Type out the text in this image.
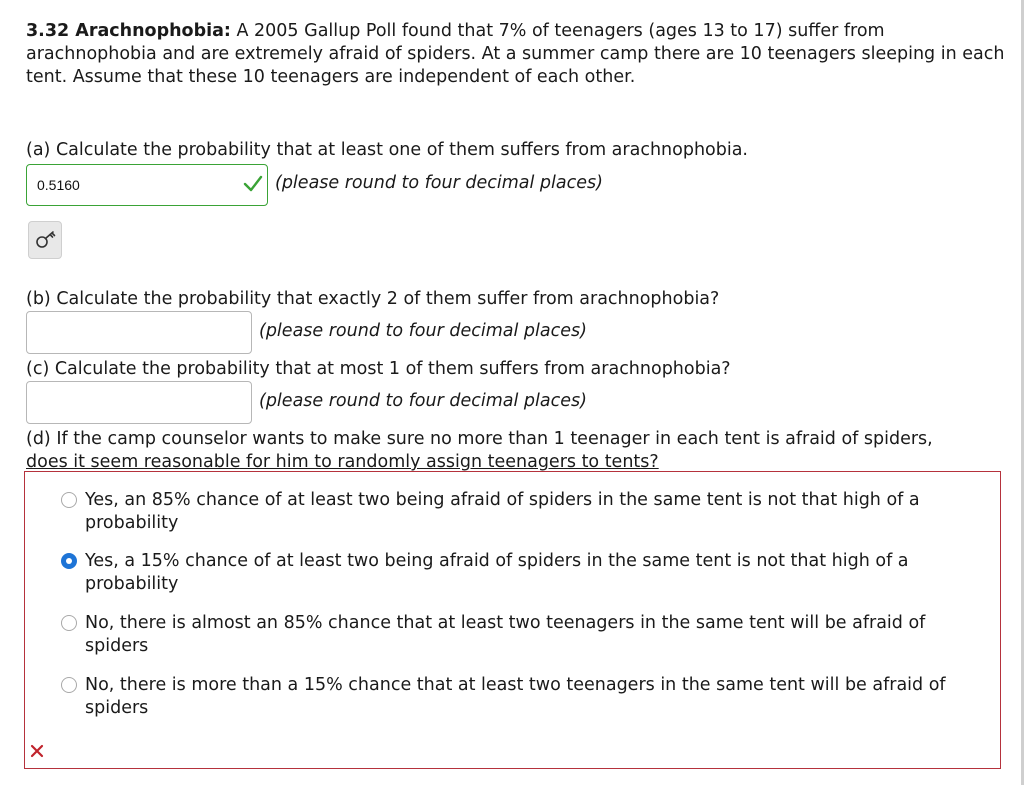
3.32 Arachnophobia: A 2005 Gallup Poll found that 7% of teenagers (ages 13 to 17) suffer from arachnophobia and are extremely afraid of spiders. At a summer camp there are 10 teenagers sleeping in each tent. Assume that these 10 teenagers are independent of each other.
(a) Calculate the probability that at least one of them suffers from arachnophobia.
0.5160	(please round to four decimal places)
(b) Calculate the probability that exactly 2 of them suffer from arachnophobia?
(please round to four decimal places)
(c) Calculate the probability that at most 1 of them suffers from arachnophobia?
(please round to four decimal places)
(d) If the camp counselor wants to make sure no more than 1 teenager in each tent is afraid of spiders,
does it seem reasonable for him to randomly assign teenagers to tents?
Yes, an 85% chance of at least two being afraid of spiders in the same tent is not that high of a probability
Yes, a 15% chance of at least two being afraid of spiders in the same tent is not that high of a probability
No, there is almost an 85% chance that at least two teenagers in the same tent will be afraid of spiders
No, there is more than a 15% chance that at least two teenagers in the same tent will be afraid of spiders
